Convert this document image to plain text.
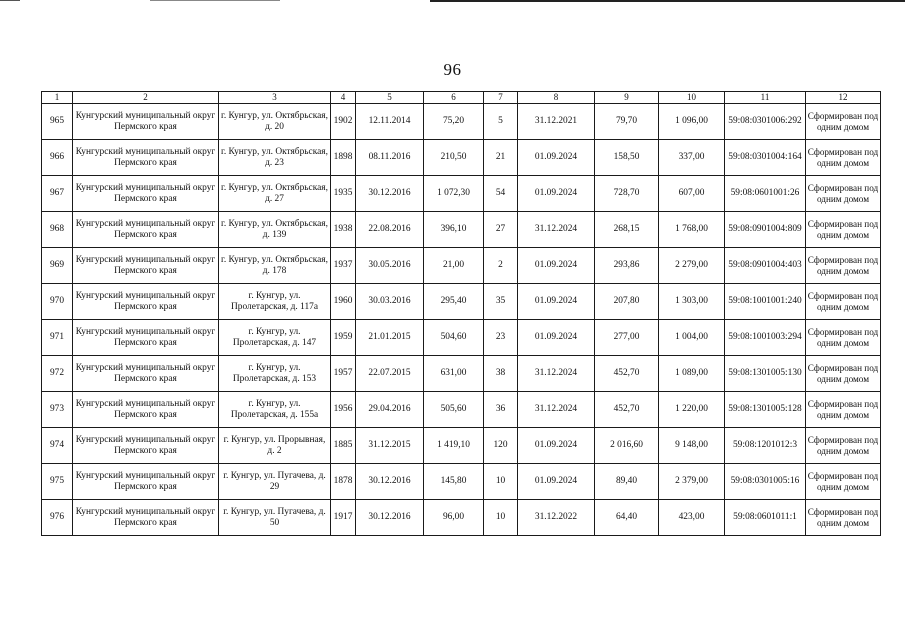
96
1	2	3	4	5	6	7	8	9	10	11	12
965	Кунгурский муниципальный округ Пермского края	г. Кунгур, ул. Октябрьская, д. 20	1902	12.11.2014	75,20	5	31.12.2021	79,70	1 096,00	59:08:0301006:292	Сформирован под одним домом
966	Кунгурский муниципальный округ Пермского края	г. Кунгур, ул. Октябрьская, д. 23	1898	08.11.2016	210,50	21	01.09.2024	158,50	337,00	59:08:0301004:164	Сформирован под одним домом
967	Кунгурский муниципальный округ Пермского края	г. Кунгур, ул. Октябрьская, д. 27	1935	30.12.2016	1 072,30	54	01.09.2024	728,70	607,00	59:08:0601001:26	Сформирован под одним домом
968	Кунгурский муниципальный округ Пермского края	г. Кунгур, ул. Октябрьская, д. 139	1938	22.08.2016	396,10	27	31.12.2024	268,15	1 768,00	59:08:0901004:809	Сформирован под одним домом
969	Кунгурский муниципальный округ Пермского края	г. Кунгур, ул. Октябрьская, д. 178	1937	30.05.2016	21,00	2	01.09.2024	293,86	2 279,00	59:08:0901004:403	Сформирован под одним домом
970	Кунгурский муниципальный округ Пермского края	г. Кунгур, ул. Пролетарская, д. 117а	1960	30.03.2016	295,40	35	01.09.2024	207,80	1 303,00	59:08:1001001:240	Сформирован под одним домом
971	Кунгурский муниципальный округ Пермского края	г. Кунгур, ул. Пролетарская, д. 147	1959	21.01.2015	504,60	23	01.09.2024	277,00	1 004,00	59:08:1001003:294	Сформирован под одним домом
972	Кунгурский муниципальный округ Пермского края	г. Кунгур, ул. Пролетарская, д. 153	1957	22.07.2015	631,00	38	31.12.2024	452,70	1 089,00	59:08:1301005:130	Сформирован под одним домом
973	Кунгурский муниципальный округ Пермского края	г. Кунгур, ул. Пролетарская, д. 155а	1956	29.04.2016	505,60	36	31.12.2024	452,70	1 220,00	59:08:1301005:128	Сформирован под одним домом
974	Кунгурский муниципальный округ Пермского края	г. Кунгур, ул. Прорывная, д. 2	1885	31.12.2015	1 419,10	120	01.09.2024	2 016,60	9 148,00	59:08:1201012:3	Сформирован под одним домом
975	Кунгурский муниципальный округ Пермского края	г. Кунгур, ул. Пугачева, д. 29	1878	30.12.2016	145,80	10	01.09.2024	89,40	2 379,00	59:08:0301005:16	Сформирован под одним домом
976	Кунгурский муниципальный округ Пермского края	г. Кунгур, ул. Пугачева, д. 50	1917	30.12.2016	96,00	10	31.12.2022	64,40	423,00	59:08:0601011:1	Сформирован под одним домом
